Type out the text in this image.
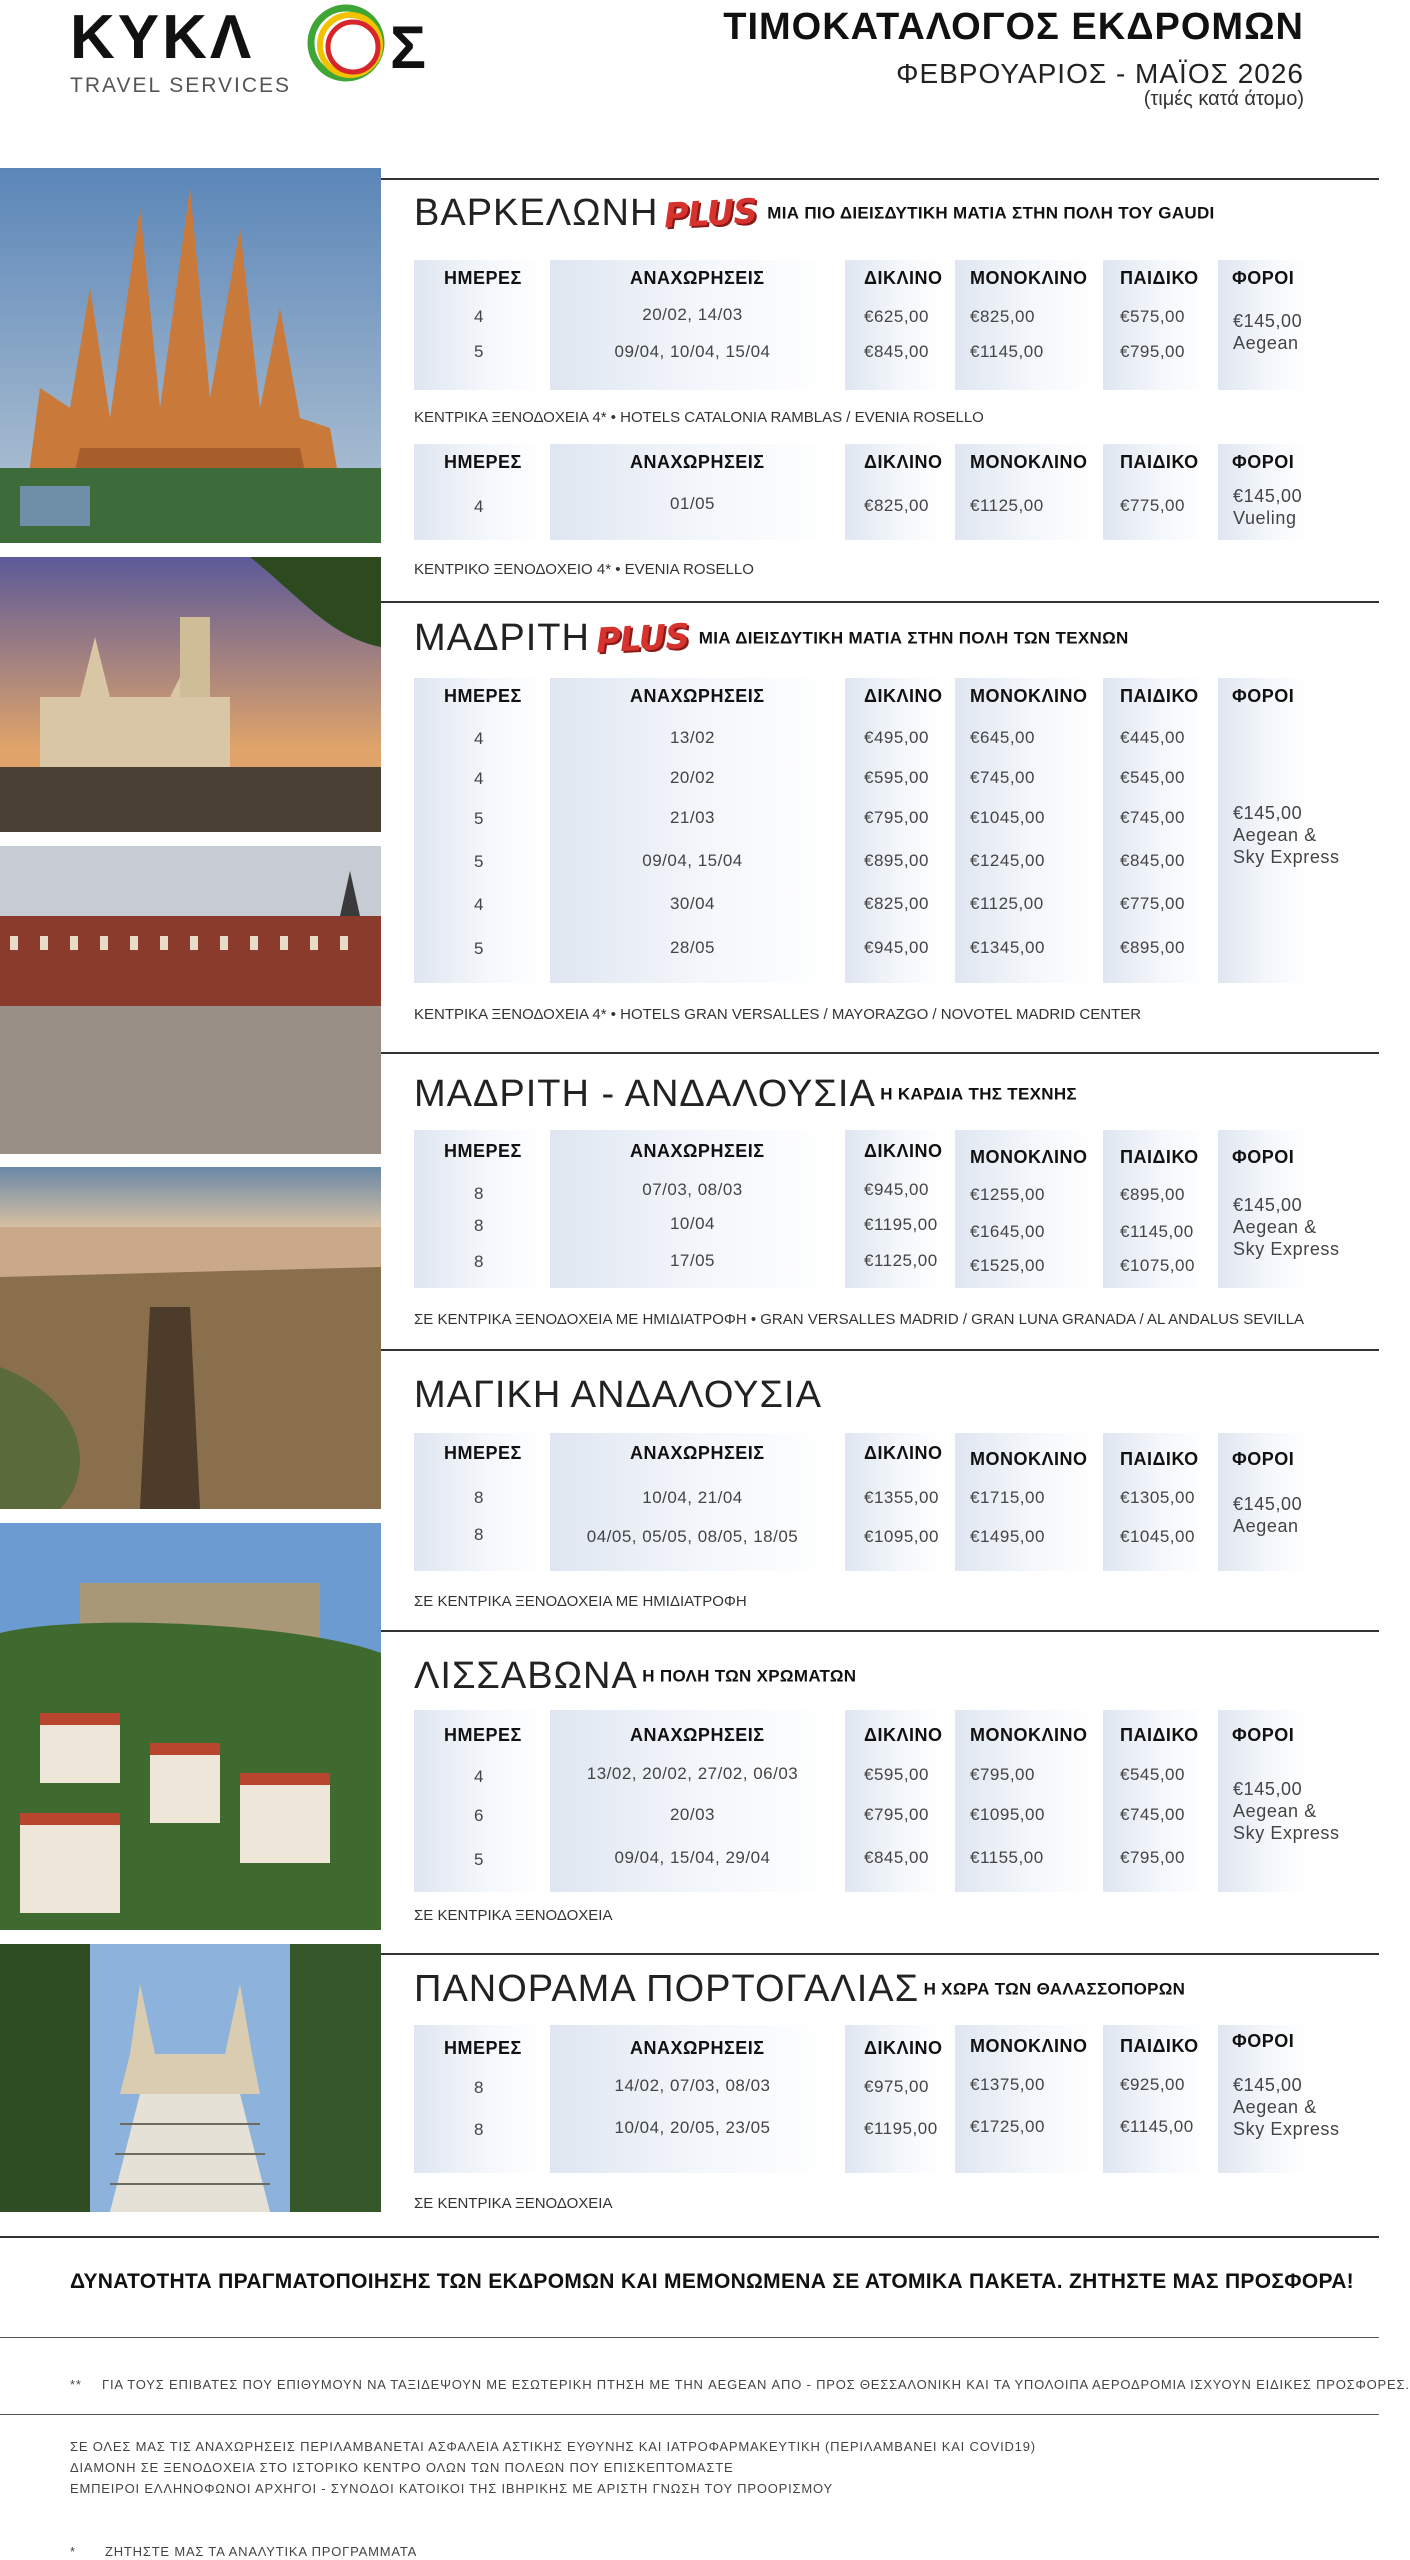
ΚΥΚΛ Σ
TRAVEL SERVICES
ΤΙΜΟΚΑΤΑΛΟΓΟΣ ΕΚΔΡΟΜΩΝ
ΦΕΒΡΟΥΑΡΙΟΣ - ΜΑΪΟΣ 2026
(τιμές κατά άτομο)
ΒΑΡΚΕΛΩΝΗ PLUS ΜΙΑ ΠΙΟ ΔΙΕΙΣΔΥΤΙΚΗ ΜΑΤΙΑ ΣΤΗΝ ΠΟΛΗ ΤΟΥ GAUDI
ΗΜΕΡΕΣ	ΑΝΑΧΩΡΗΣΕΙΣ	ΔΙΚΛΙΝΟ ΜΟΝΟΚΛΙΝΟ ΠΑΙΔΙΚΟ ΦΟΡΟΙ
4	20/02, 14/03	€625,00 €825,00	€575,00
5	09/04, 10/04, 15/04	€845,00 €1145,00	€795,00
€145,00
Aegean
ΚΕΝΤΡΙΚΑ ΞΕΝΟΔΟΧΕΙΑ 4* • HOTELS CATALONIA RAMBLAS / EVENIA ROSELLO
ΗΜΕΡΕΣ	ΑΝΑΧΩΡΗΣΕΙΣ	ΔΙΚΛΙΝΟ ΜΟΝΟΚΛΙΝΟ ΠΑΙΔΙΚΟ ΦΟΡΟΙ
4	01/05	€825,00 €1125,00	€775,00	€145,00
Vueling
ΚΕΝΤΡΙΚΟ ΞΕΝΟΔΟΧΕΙΟ 4* • EVENIA ROSELLO
ΜΑΔΡΙΤΗ PLUS ΜΙΑ ΔΙΕΙΣΔΥΤΙΚΗ ΜΑΤΙΑ ΣΤΗΝ ΠΟΛΗ ΤΩΝ ΤΕΧΝΩΝ
ΗΜΕΡΕΣ	ΑΝΑΧΩΡΗΣΕΙΣ	ΔΙΚΛΙΝΟ ΜΟΝΟΚΛΙΝΟ ΠΑΙΔΙΚΟ ΦΟΡΟΙ
4	13/02	€495,00 €645,00	€445,00
4	20/02	€595,00 €745,00	€545,00
5	21/03	€795,00 €1045,00	€745,00
5	09/04, 15/04	€895,00 €1245,00	€845,00
4	30/04	€825,00 €1125,00	€775,00
5	28/05	€945,00 €1345,00	€895,00
€145,00
Aegean &
Sky Express
ΚΕΝΤΡΙΚΑ ΞΕΝΟΔΟΧΕΙΑ 4* • HOTELS GRAN VERSALLES / MAYORAZGO / NOVOTEL MADRID CENTER
ΜΑΔΡΙΤΗ - ΑΝΔΑΛΟΥΣΙΑ Η ΚΑΡΔΙΑ ΤΗΣ ΤΕΧΝΗΣ
ΗΜΕΡΕΣ	ΑΝΑΧΩΡΗΣΕΙΣ	ΔΙΚΛΙΝΟ ΜΟΝΟΚΛΙΝΟ ΠΑΙΔΙΚΟ ΦΟΡΟΙ
8	07/03, 08/03	€945,00 €1255,00	€895,00
8	10/04	€1195,00 €1645,00	€1145,00
8	17/05	€1125,00 €1525,00	€1075,00
€145,00
Aegean &
Sky Express
ΣΕ ΚΕΝΤΡΙΚΑ ΞΕΝΟΔΟΧΕΙΑ ΜΕ ΗΜΙΔΙΑΤΡΟΦΗ • GRAN VERSALLES MADRID / GRAN LUNA GRANADA / AL ANDALUS SEVILLA
ΜΑΓΙΚΗ ΑΝΔΑΛΟΥΣΙΑ
ΗΜΕΡΕΣ	ΑΝΑΧΩΡΗΣΕΙΣ	ΔΙΚΛΙΝΟ ΜΟΝΟΚΛΙΝΟ ΠΑΙΔΙΚΟ ΦΟΡΟΙ
8	10/04, 21/04	€1355,00 €1715,00	€1305,00
8	04/05, 05/05, 08/05, 18/05	€1095,00 €1495,00	€1045,00
€145,00
Aegean
ΣΕ ΚΕΝΤΡΙΚΑ ΞΕΝΟΔΟΧΕΙΑ ΜΕ ΗΜΙΔΙΑΤΡΟΦΗ
ΛΙΣΣΑΒΩΝΑ Η ΠΟΛΗ ΤΩΝ ΧΡΩΜΑΤΩΝ
ΗΜΕΡΕΣ	ΑΝΑΧΩΡΗΣΕΙΣ	ΔΙΚΛΙΝΟ ΜΟΝΟΚΛΙΝΟ ΠΑΙΔΙΚΟ ΦΟΡΟΙ
4	13/02, 20/02, 27/02, 06/03	€595,00 €795,00	€545,00
6	20/03	€795,00 €1095,00	€745,00
5	09/04, 15/04, 29/04	€845,00 €1155,00	€795,00
€145,00
Aegean &
Sky Express
ΣΕ ΚΕΝΤΡΙΚΑ ΞΕΝΟΔΟΧΕΙΑ
ΠΑΝΟΡΑΜΑ ΠΟΡΤΟΓΑΛΙΑΣ Η ΧΩΡΑ ΤΩΝ ΘΑΛΑΣΣΟΠΟΡΩΝ
ΗΜΕΡΕΣ	ΑΝΑΧΩΡΗΣΕΙΣ	ΔΙΚΛΙΝΟ ΜΟΝΟΚΛΙΝΟ ΠΑΙΔΙΚΟ ΦΟΡΟΙ
8	14/02, 07/03, 08/03	€975,00 €1375,00	€925,00
8	10/04, 20/05, 23/05	€1195,00 €1725,00	€1145,00
€145,00
Aegean &
Sky Express
ΣΕ ΚΕΝΤΡΙΚΑ ΞΕΝΟΔΟΧΕΙΑ
ΔΥΝΑΤΟΤΗΤΑ ΠΡΑΓΜΑΤΟΠΟΙΗΣΗΣ ΤΩΝ ΕΚΔΡΟΜΩΝ ΚΑΙ ΜΕΜΟΝΩΜΕΝΑ ΣΕ ΑΤΟΜΙΚΑ ΠΑΚΕΤΑ. ΖΗΤΗΣΤΕ ΜΑΣ ΠΡΟΣΦΟΡΑ!
** ΓΙΑ ΤΟΥΣ ΕΠΙΒΑΤΕΣ ΠΟΥ ΕΠΙΘΥΜΟΥΝ ΝΑ ΤΑΞΙΔΕΨΟΥΝ ΜΕ ΕΣΩΤΕΡΙΚΗ ΠΤΗΣΗ ΜΕ ΤΗΝ AEGEAN ΑΠΟ - ΠΡΟΣ ΘΕΣΣΑΛΟΝΙΚΗ ΚΑΙ ΤΑ ΥΠΟΛΟΙΠΑ ΑΕΡΟΔΡΟΜΙΑ ΙΣΧΥΟΥΝ ΕΙΔΙΚΕΣ ΠΡΟΣΦΟΡΕΣ.
ΣΕ ΟΛΕΣ ΜΑΣ ΤΙΣ ΑΝΑΧΩΡΗΣΕΙΣ ΠΕΡΙΛΑΜΒΑΝΕΤΑΙ ΑΣΦΑΛΕΙΑ ΑΣΤΙΚΗΣ ΕΥΘΥΝΗΣ ΚΑΙ ΙΑΤΡΟΦΑΡΜΑΚΕΥΤΙΚΗ (ΠΕΡΙΛΑΜΒΑΝΕΙ ΚΑΙ COVID19)
ΔΙΑΜΟΝΗ ΣΕ ΞΕΝΟΔΟΧΕΙΑ ΣΤΟ ΙΣΤΟΡΙΚΟ ΚΕΝΤΡΟ ΟΛΩΝ ΤΩΝ ΠΟΛΕΩΝ ΠΟΥ ΕΠΙΣΚΕΠΤΟΜΑΣΤΕ
ΕΜΠΕΙΡΟΙ ΕΛΛΗΝΟΦΩΝΟΙ ΑΡΧΗΓΟΙ - ΣΥΝΟΔΟΙ ΚΑΤΟΙΚΟΙ ΤΗΣ ΙΒΗΡΙΚΗΣ ΜΕ ΑΡΙΣΤΗ ΓΝΩΣΗ ΤΟΥ ΠΡΟΟΡΙΣΜΟΥ
* ΖΗΤΗΣΤΕ ΜΑΣ ΤΑ ΑΝΑΛΥΤΙΚΑ ΠΡΟΓΡΑΜΜΑΤΑ
